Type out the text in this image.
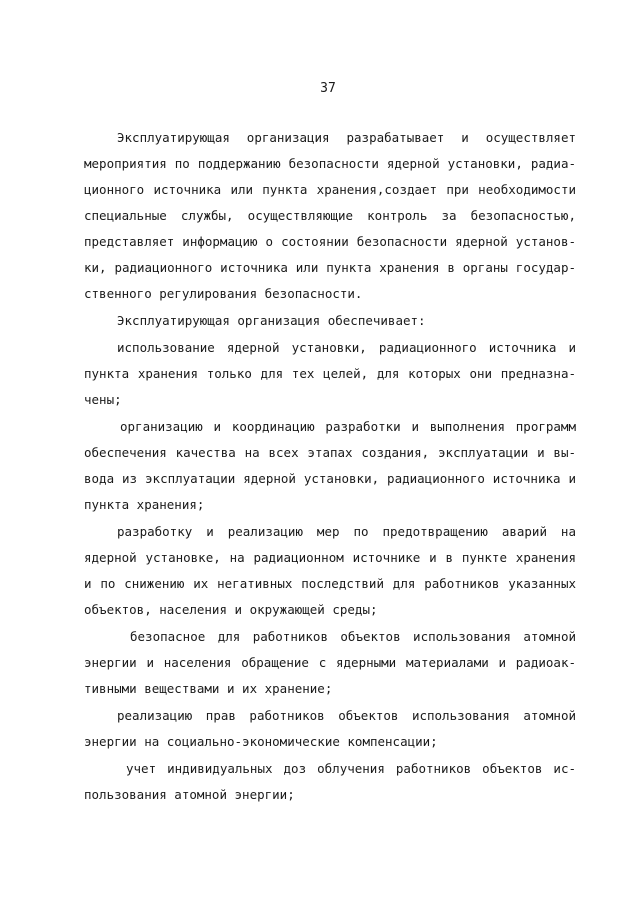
37
Эксплуатирующая организация разрабатывает и осуществляет
мероприятия по поддержанию безопасности ядерной установки, радиа-
ционного источника или пункта хранения,создает при необходимости
специальные службы, осуществляющие контроль за безопасностью,
представляет информацию о состоянии безопасности ядерной установ-
ки, радиационного источника или пункта хранения в органы государ-
ственного регулирования безопасности.
Эксплуатирующая организация обеспечивает:
использование ядерной установки, радиационного источника и
пункта хранения только для тех целей, для которых они предназна-
чены;
организацию и координацию разработки и выполнения программ
обеспечения качества на всех этапах создания, эксплуатации и вы-
вода из эксплуатации ядерной установки, радиационного источника и
пункта хранения;
разработку и реализацию мер по предотвращению аварий на
ядерной установке, на радиационном источнике и в пункте хранения
и по снижению их негативных последствий для работников указанных
объектов, населения и окружающей среды;
безопасное для работников объектов использования атомной
энергии и населения обращение с ядерными материалами и радиоак-
тивными веществами и их хранение;
реализацию прав работников объектов использования атомной
энергии на социально-экономические компенсации;
учет индивидуальных доз облучения работников объектов ис-
пользования атомной энергии;
